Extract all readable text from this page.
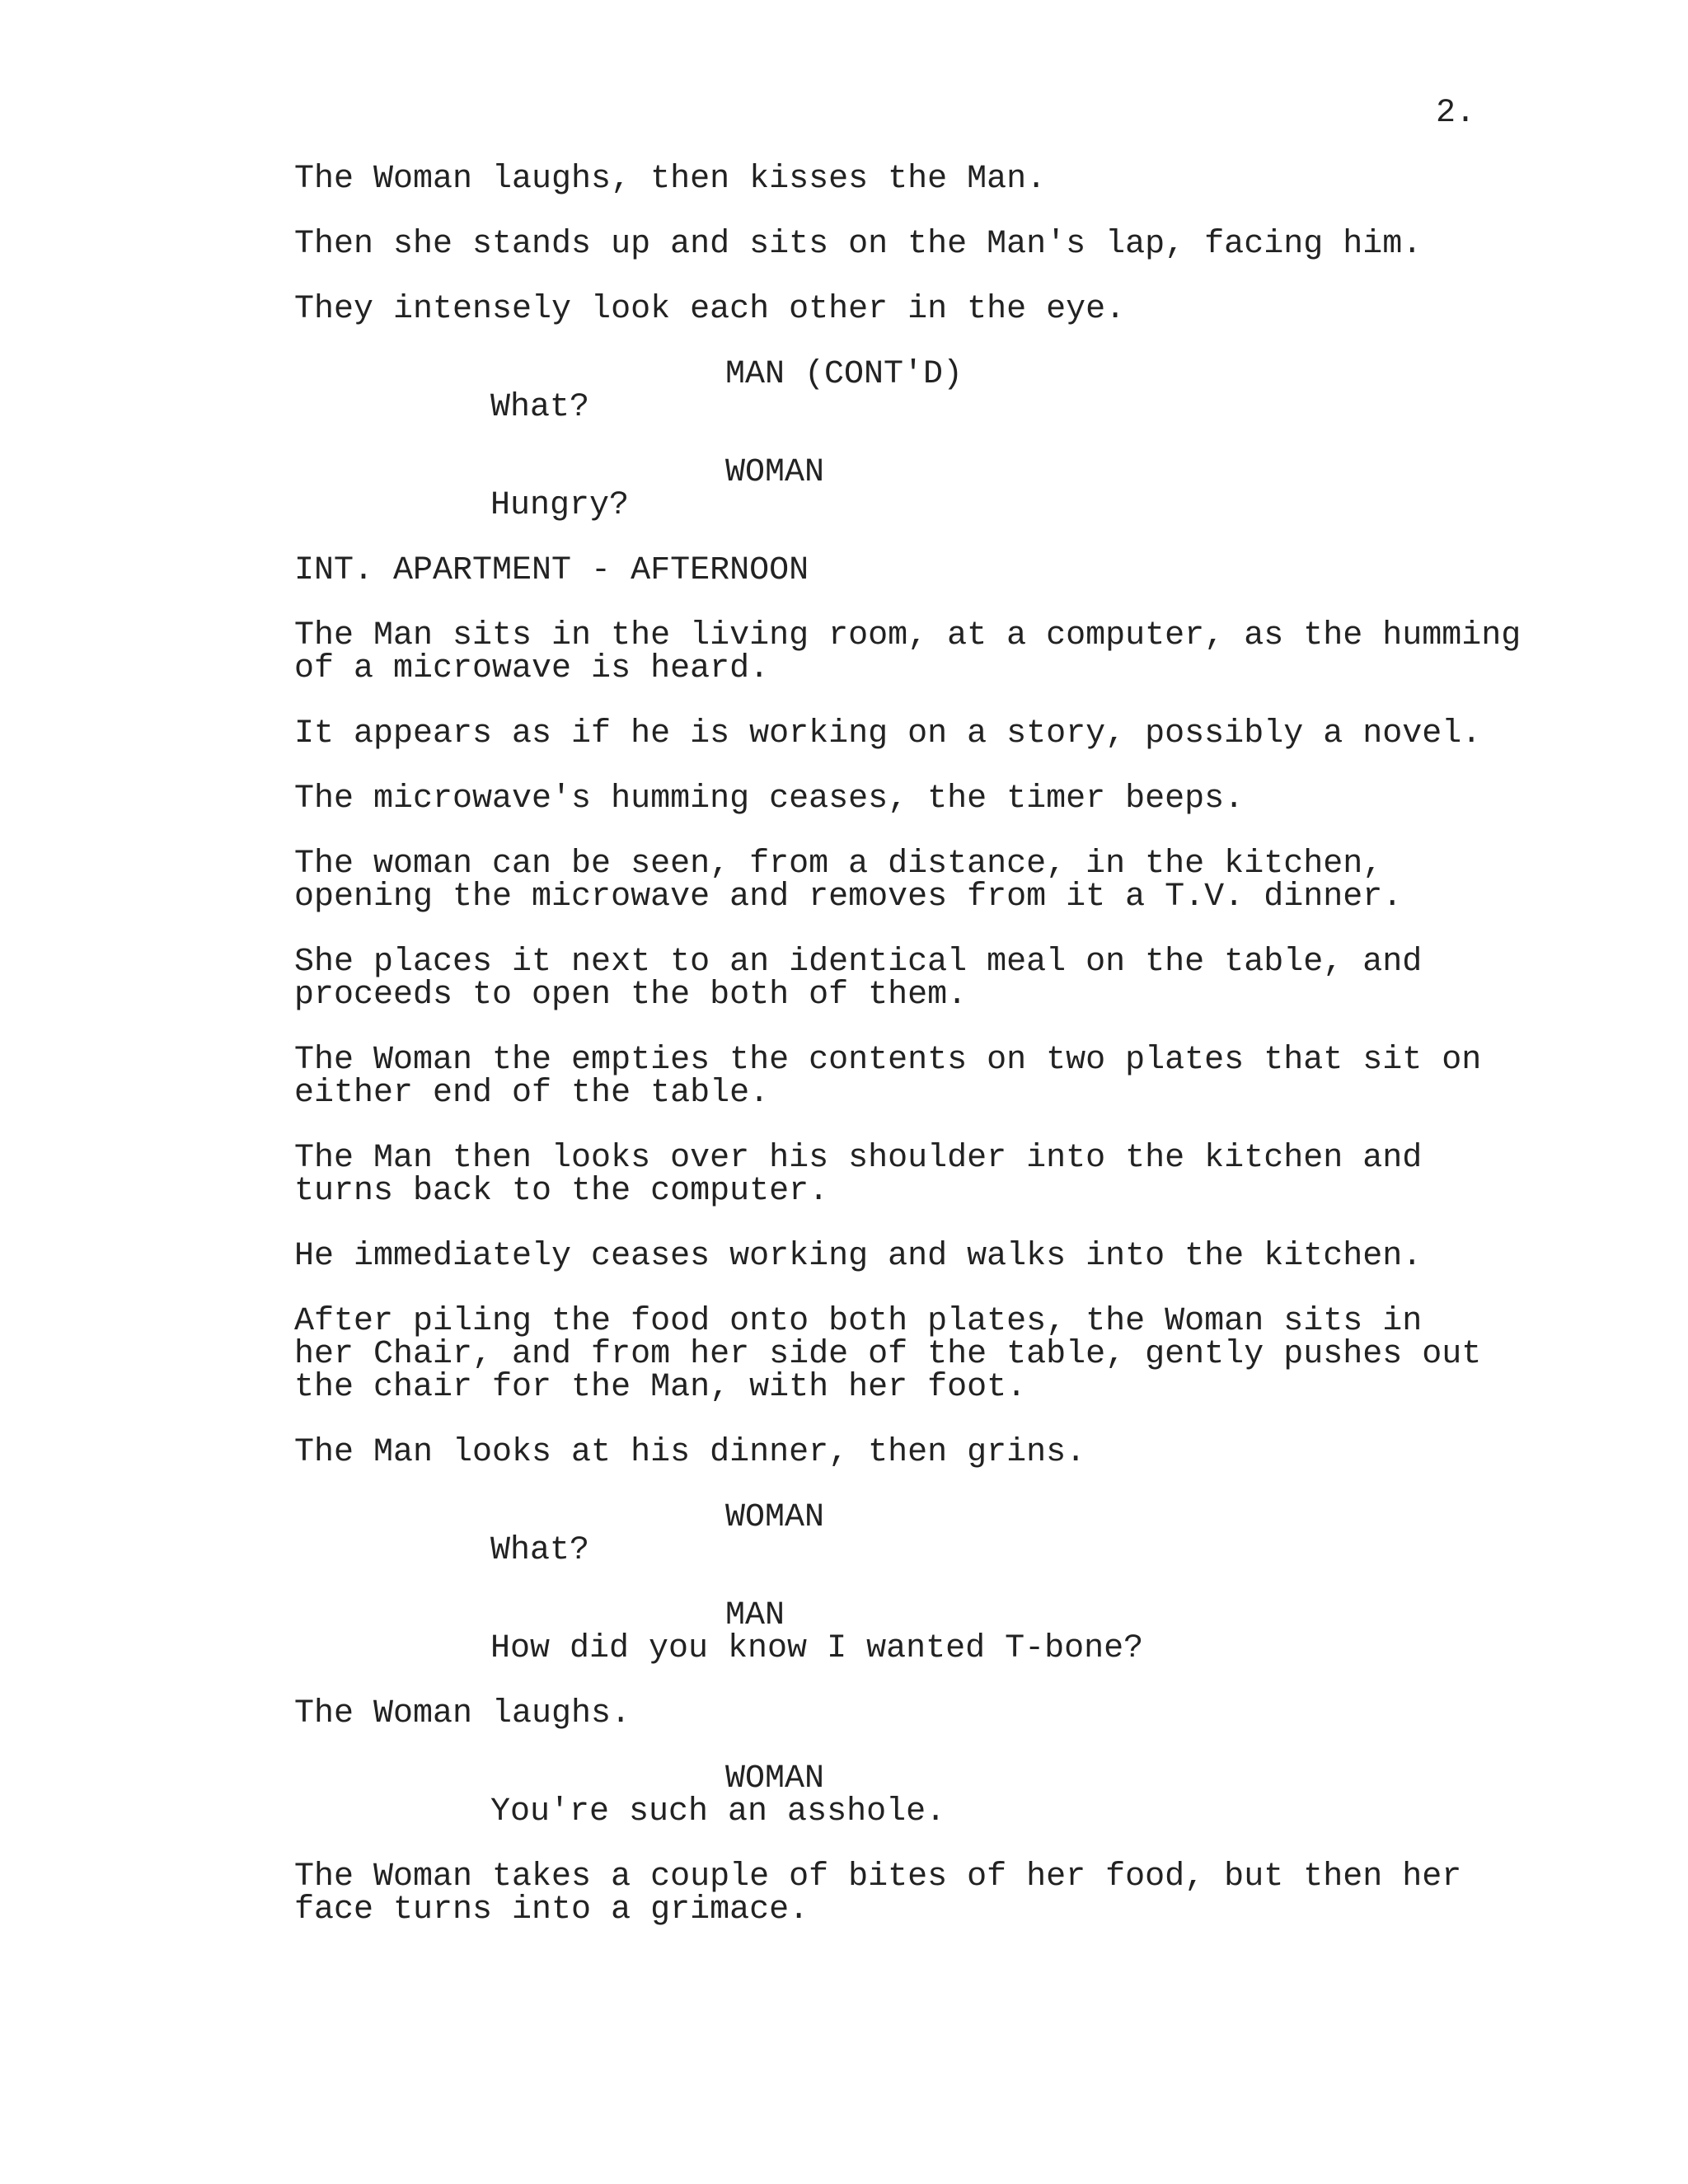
2.
The Woman laughs, then kisses the Man.
Then she stands up and sits on the Man's lap, facing him.
They intensely look each other in the eye.
MAN (CONT'D)
What?
WOMAN
Hungry?
INT. APARTMENT - AFTERNOON
The Man sits in the living room, at a computer, as the humming
of a microwave is heard.
It appears as if he is working on a story, possibly a novel.
The microwave's humming ceases, the timer beeps.
The woman can be seen, from a distance, in the kitchen,
opening the microwave and removes from it a T.V. dinner.
She places it next to an identical meal on the table, and
proceeds to open the both of them.
The Woman the empties the contents on two plates that sit on
either end of the table.
The Man then looks over his shoulder into the kitchen and
turns back to the computer.
He immediately ceases working and walks into the kitchen.
After piling the food onto both plates, the Woman sits in
her Chair, and from her side of the table, gently pushes out
the chair for the Man, with her foot.
The Man looks at his dinner, then grins.
WOMAN
What?
MAN
How did you know I wanted T-bone?
The Woman laughs.
WOMAN
You're such an asshole.
The Woman takes a couple of bites of her food, but then her
face turns into a grimace.
